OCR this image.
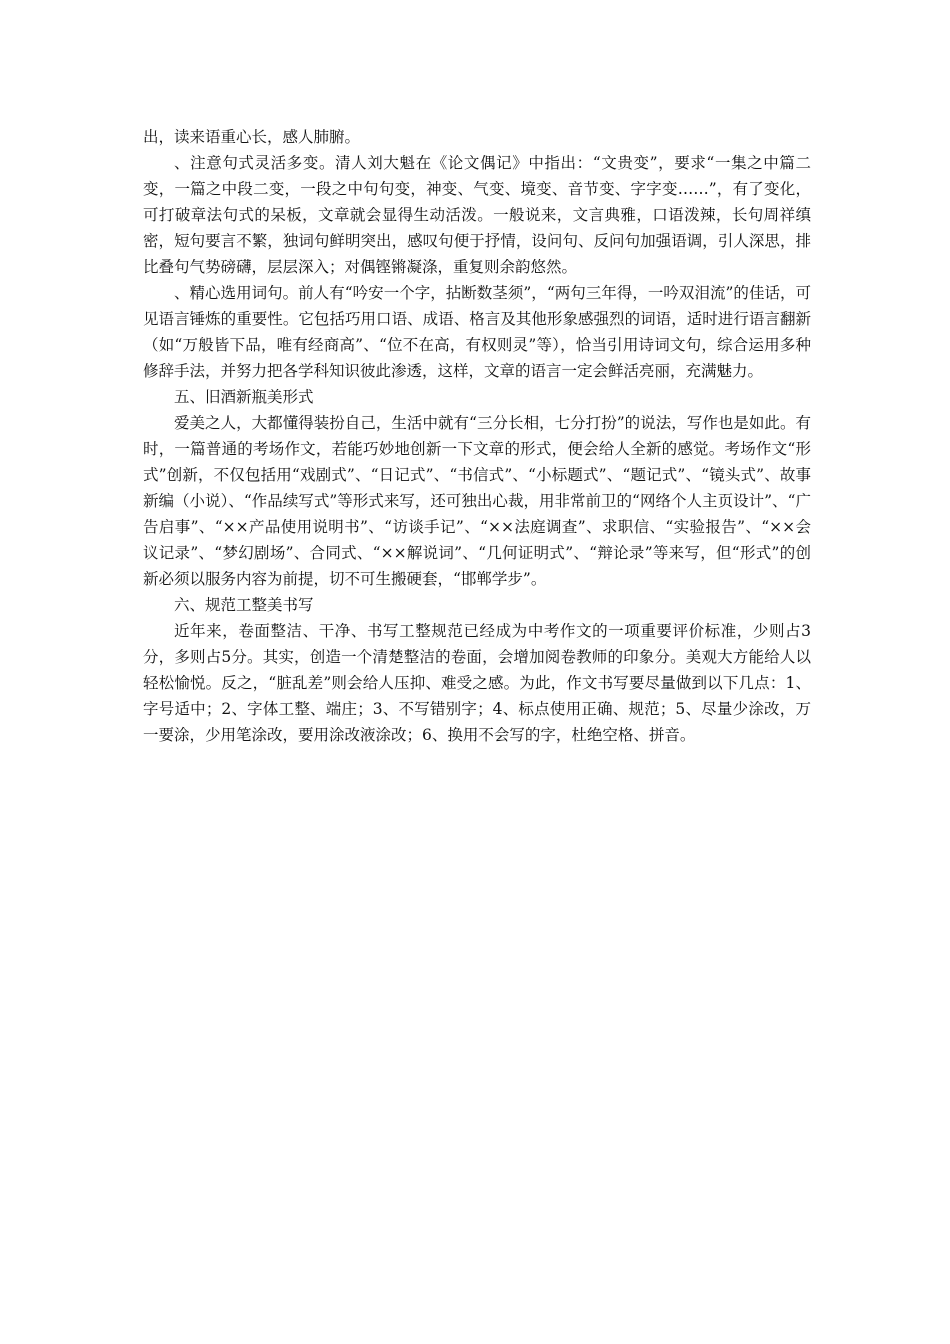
出，读来语重心长，感人肺腑。

、注意句式灵活多变。清人刘大魁在《论文偶记》中指出：“文贵变”，要求“一集之中篇二变，一篇之中段二变，一段之中句句变，神变、气变、境变、音节变、字字变……”，有了变化，可打破章法句式的呆板，文章就会显得生动活泼。一般说来，文言典雅，口语泼辣，长句周祥缜密，短句要言不繁，独词句鲜明突出，感叹句便于抒情，设问句、反问句加强语调，引人深思，排比叠句气势磅礴，层层深入；对偶铿锵凝涤，重复则余韵悠然。

、精心选用词句。前人有“吟安一个字，拈断数茎须”，“两句三年得，一吟双泪流”的佳话，可见语言锤炼的重要性。它包括巧用口语、成语、格言及其他形象感强烈的词语，适时进行语言翻新（如“万般皆下品，唯有经商高”、“位不在高，有权则灵”等），恰当引用诗词文句，综合运用多种修辞手法，并努力把各学科知识彼此渗透，这样，文章的语言一定会鲜活亮丽，充满魅力。

五、旧酒新瓶美形式

爱美之人，大都懂得装扮自己，生活中就有“三分长相，七分打扮”的说法，写作也是如此。有时，一篇普通的考场作文，若能巧妙地创新一下文章的形式，便会给人全新的感觉。考场作文“形式”创新，不仅包括用“戏剧式”、“日记式”、“书信式”、“小标题式”、“题记式”、“镜头式”、故事新编（小说）、“作品续写式”等形式来写，还可独出心裁，用非常前卫的“网络个人主页设计”、“广告启事”、“××产品使用说明书”、“访谈手记”、“××法庭调查”、求职信、“实验报告”、“××会议记录”、“梦幻剧场”、合同式、“××解说词”、“几何证明式”、“辩论录”等来写，但“形式”的创新必须以服务内容为前提，切不可生搬硬套，“邯郸学步”。

六、规范工整美书写

近年来，卷面整洁、干净、书写工整规范已经成为中考作文的一项重要评价标准，少则占3分，多则占5分。其实，创造一个清楚整洁的卷面，会增加阅卷教师的印象分。美观大方能给人以轻松愉悦。反之，“脏乱差”则会给人压抑、难受之感。为此，作文书写要尽量做到以下几点：1、字号适中；2、字体工整、端庄；3、不写错别字；4、标点使用正确、规范；5、尽量少涂改，万一要涂，少用笔涂改，要用涂改液涂改；6、换用不会写的字，杜绝空格、拼音。
